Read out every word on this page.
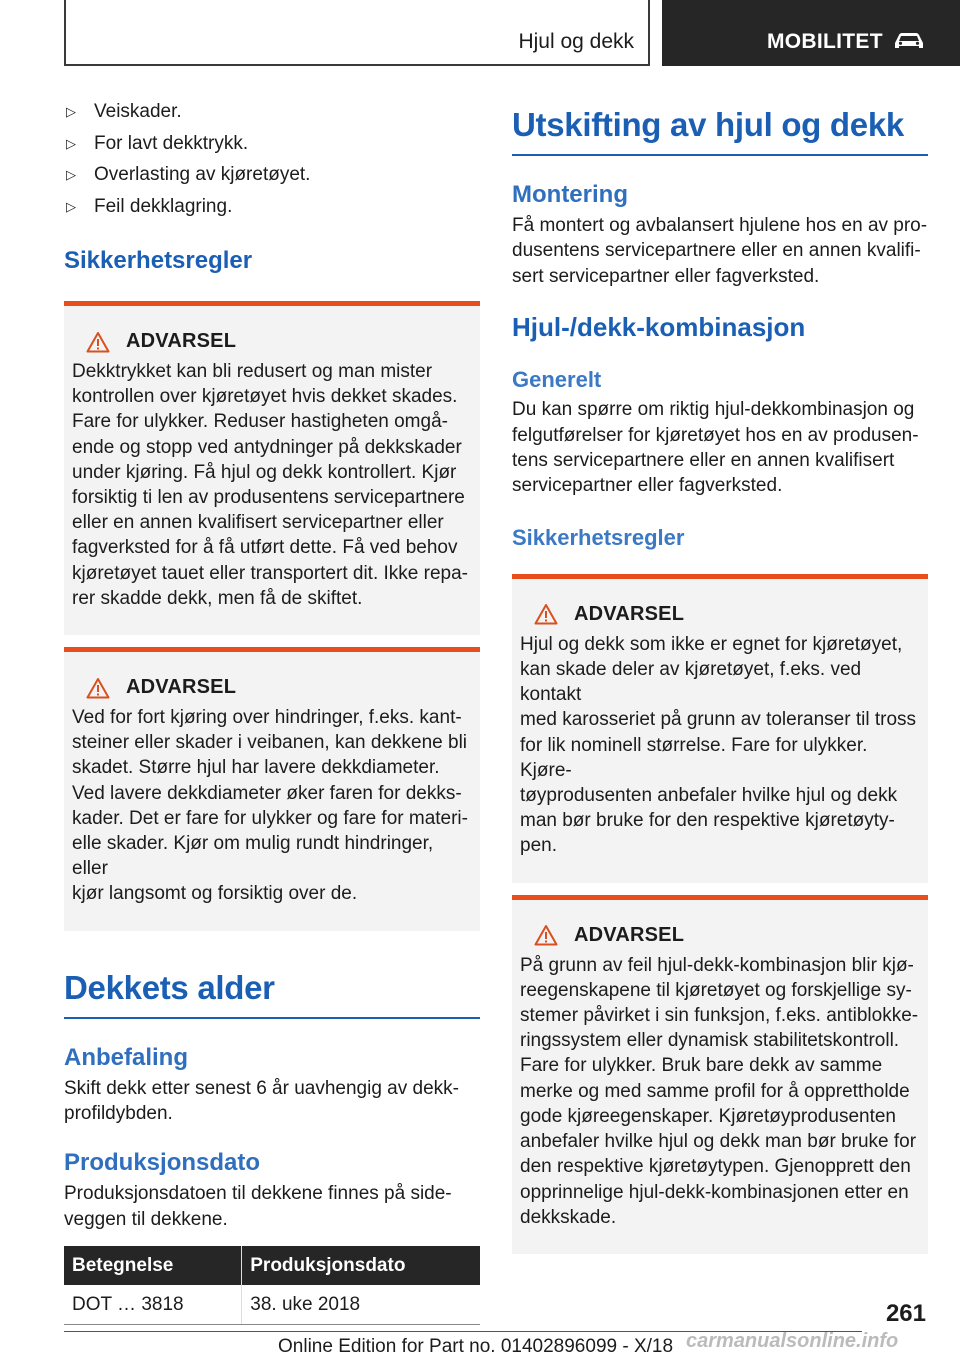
Hjul og dekk	MOBILITET
▷ Veiskader.
▷ For lavt dekktrykk.
▷ Overlasting av kjøretøyet.
▷ Feil dekklagring.
Sikkerhetsregler
ADVARSEL
Dekktrykket kan bli redusert og man mister
kontrollen over kjøretøyet hvis dekket skades.
Fare for ulykker. Reduser hastigheten omgå-
ende og stopp ved antydninger på dekkskader
under kjøring. Få hjul og dekk kontrollert. Kjør
forsiktig ti len av produsentens servicepartnere
eller en annen kvalifisert servicepartner eller
fagverksted for å få utført dette. Få ved behov
kjøretøyet tauet eller transportert dit. Ikke repa-
rer skadde dekk, men få de skiftet.
ADVARSEL
Ved for fort kjøring over hindringer, f.eks. kant-
steiner eller skader i veibanen, kan dekkene bli
skadet. Større hjul har lavere dekkdiameter.
Ved lavere dekkdiameter øker faren for dekks-
kader. Det er fare for ulykker og fare for materi-
elle skader. Kjør om mulig rundt hindringer, eller
kjør langsomt og forsiktig over de.
Dekkets alder
Anbefaling
Skift dekk etter senest 6 år uavhengig av dekk-
profildybden.
Produksjonsdato
Produksjonsdatoen til dekkene finnes på side-
veggen til dekkene.
Betegnelse	Produksjonsdato
DOT … 3818	38. uke 2018
Utskifting av hjul og dekk
Montering
Få montert og avbalansert hjulene hos en av pro-
dusentens servicepartnere eller en annen kvalifi-
sert servicepartner eller fagverksted.
Hjul-/dekk-kombinasjon
Generelt
Du kan spørre om riktig hjul-dekkombinasjon og
felgutførelser for kjøretøyet hos en av produsen-
tens servicepartnere eller en annen kvalifisert
servicepartner eller fagverksted.
Sikkerhetsregler
ADVARSEL
Hjul og dekk som ikke er egnet for kjøretøyet,
kan skade deler av kjøretøyet, f.eks. ved kontakt
med karosseriet på grunn av toleranser til tross
for lik nominell størrelse. Fare for ulykker. Kjøre-
tøyprodusenten anbefaler hvilke hjul og dekk
man bør bruke for den respektive kjøretøyty-
pen.
ADVARSEL
På grunn av feil hjul-dekk-kombinasjon blir kjø-
reegenskapene til kjøretøyet og forskjellige sy-
stemer påvirket i sin funksjon, f.eks. antiblokke-
ringssystem eller dynamisk stabilitetskontroll.
Fare for ulykker. Bruk bare dekk av samme
merke og med samme profil for å opprettholde
gode kjøreegenskaper. Kjøretøyprodusenten
anbefaler hvilke hjul og dekk man bør bruke for
den respektive kjøretøytypen. Gjenopprett den
opprinnelige hjul-dekk-kombinasjonen etter en
dekkskade.
261
Online Edition for Part no. 01402896099 - X/18 carmanualsonline.info
